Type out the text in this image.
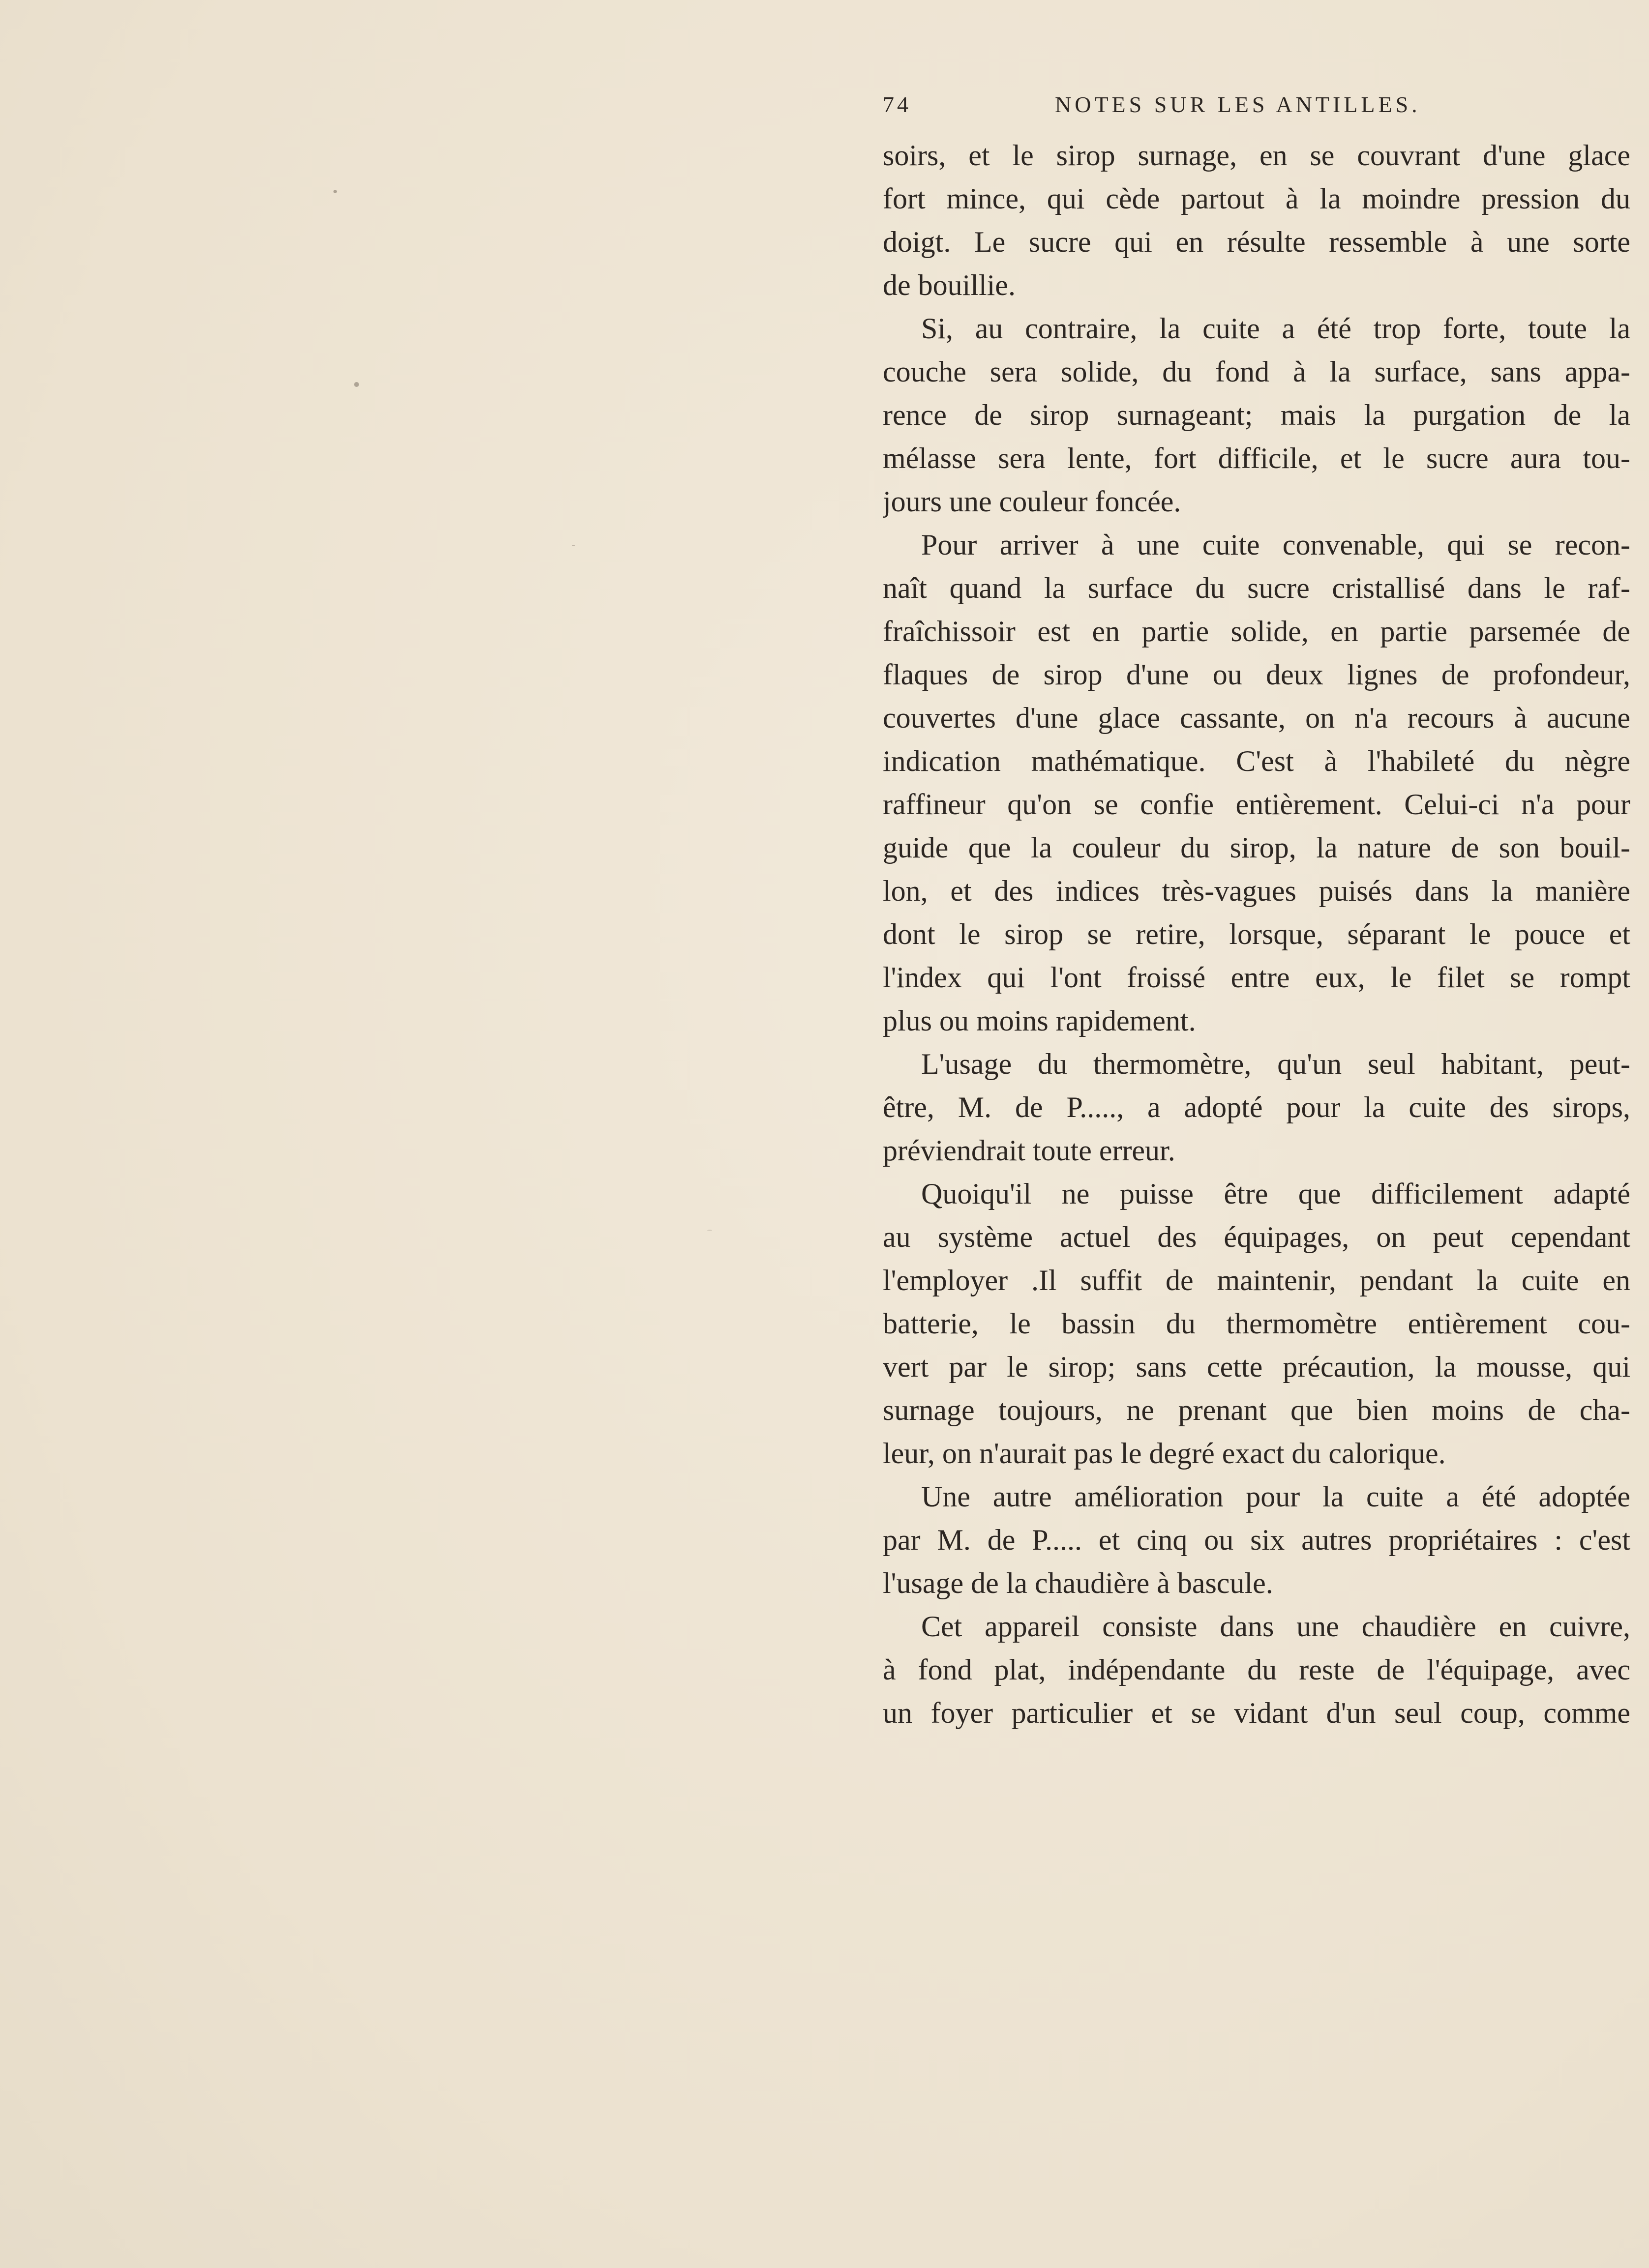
74	NOTES SUR LES ANTILLES.
soirs, et le sirop surnage, en se couvrant d'une glace
fort mince, qui cède partout à la moindre pression du
doigt. Le sucre qui en résulte ressemble à une sorte
de bouillie.
Si, au contraire, la cuite a été trop forte, toute la
couche sera solide, du fond à la surface, sans appa-
rence de sirop surnageant; mais la purgation de la
mélasse sera lente, fort difficile, et le sucre aura tou-
jours une couleur foncée.
Pour arriver à une cuite convenable, qui se recon-
naît quand la surface du sucre cristallisé dans le raf-
fraîchissoir est en partie solide, en partie parsemée de
flaques de sirop d'une ou deux lignes de profondeur,
couvertes d'une glace cassante, on n'a recours à aucune
indication mathématique. C'est à l'habileté du nègre
raffineur qu'on se confie entièrement. Celui-ci n'a pour
guide que la couleur du sirop, la nature de son bouil-
lon, et des indices très-vagues puisés dans la manière
dont le sirop se retire, lorsque, séparant le pouce et
l'index qui l'ont froissé entre eux, le filet se rompt
plus ou moins rapidement.
L'usage du thermomètre, qu'un seul habitant, peut-
être, M. de P....., a adopté pour la cuite des sirops,
préviendrait toute erreur.
Quoiqu'il ne puisse être que difficilement adapté
au système actuel des équipages, on peut cependant
l'employer .Il suffit de maintenir, pendant la cuite en
batterie, le bassin du thermomètre entièrement cou-
vert par le sirop; sans cette précaution, la mousse, qui
surnage toujours, ne prenant que bien moins de cha-
leur, on n'aurait pas le degré exact du calorique.
Une autre amélioration pour la cuite a été adoptée
par M. de P..... et cinq ou six autres propriétaires : c'est
l'usage de la chaudière à bascule.
Cet appareil consiste dans une chaudière en cuivre,
à fond plat, indépendante du reste de l'équipage, avec
un foyer particulier et se vidant d'un seul coup, comme
